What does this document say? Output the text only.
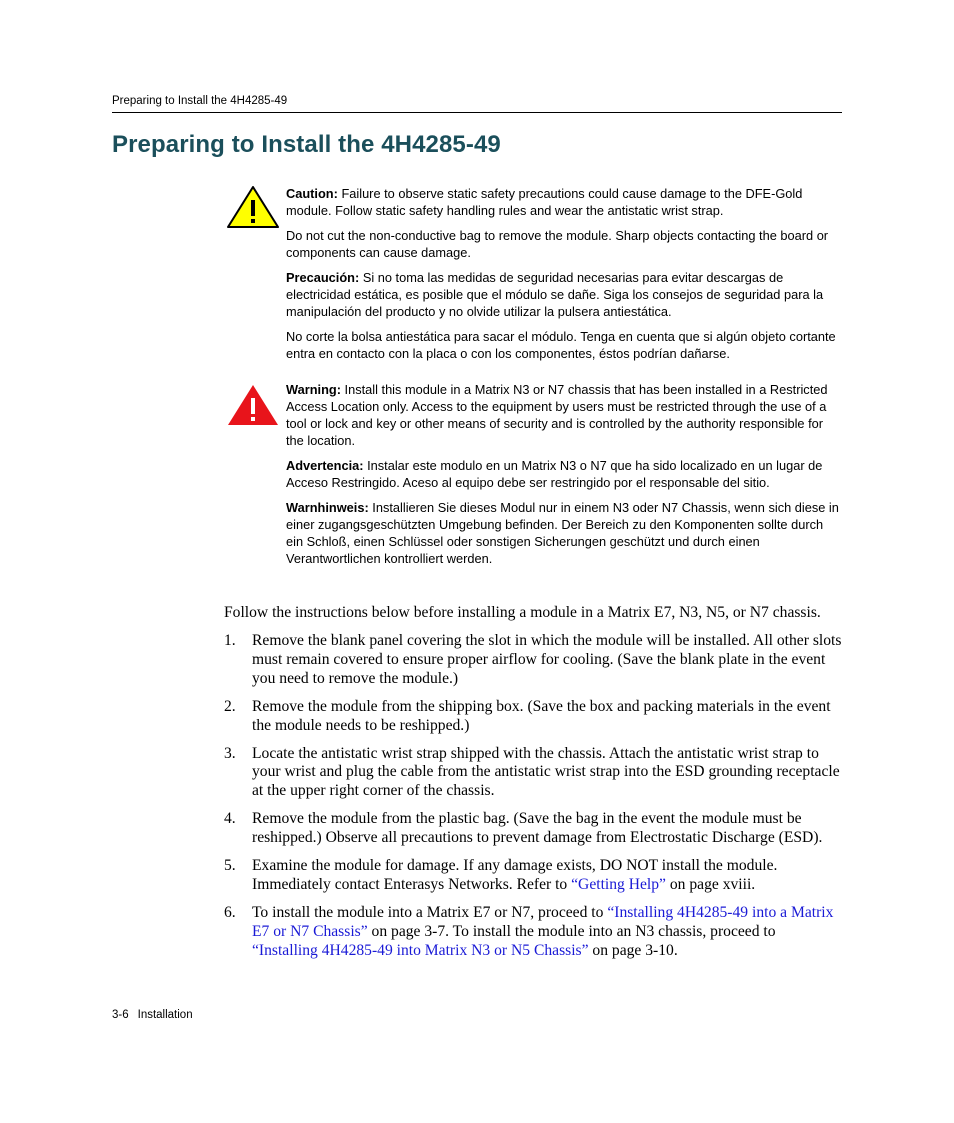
Preparing to Install the 4H4285-49
Preparing to Install the 4H4285-49

Caution: Failure to observe static safety precautions could cause damage to the DFE-Gold module. Follow static safety handling rules and wear the antistatic wrist strap.

Do not cut the non-conductive bag to remove the module. Sharp objects contacting the board or components can cause damage.

Precaución: Si no toma las medidas de seguridad necesarias para evitar descargas de electricidad estática, es posible que el módulo se dañe. Siga los consejos de seguridad para la manipulación del producto y no olvide utilizar la pulsera antiestática.

No corte la bolsa antiestática para sacar el módulo. Tenga en cuenta que si algún objeto cortante entra en contacto con la placa o con los componentes, éstos podrían dañarse.

Warning: Install this module in a Matrix N3 or N7 chassis that has been installed in a Restricted Access Location only. Access to the equipment by users must be restricted through the use of a tool or lock and key or other means of security and is controlled by the authority responsible for the location.

Advertencia: Instalar este modulo en un Matrix N3 o N7 que ha sido localizado en un lugar de Acceso Restringido. Aceso al equipo debe ser restringido por el responsable del sitio.

Warnhinweis: Installieren Sie dieses Modul nur in einem N3 oder N7 Chassis, wenn sich diese in einer zugangsgeschützten Umgebung befinden. Der Bereich zu den Komponenten sollte durch ein Schloß, einen Schlüssel oder sonstigen Sicherungen geschützt und durch einen Verantwortlichen kontrolliert werden.

Follow the instructions below before installing a module in a Matrix E7, N3, N5, or N7 chassis.

1. Remove the blank panel covering the slot in which the module will be installed. All other slots must remain covered to ensure proper airflow for cooling. (Save the blank plate in the event you need to remove the module.)
2. Remove the module from the shipping box. (Save the box and packing materials in the event the module needs to be reshipped.)
3. Locate the antistatic wrist strap shipped with the chassis. Attach the antistatic wrist strap to your wrist and plug the cable from the antistatic wrist strap into the ESD grounding receptacle at the upper right corner of the chassis.
4. Remove the module from the plastic bag. (Save the bag in the event the module must be reshipped.) Observe all precautions to prevent damage from Electrostatic Discharge (ESD).
5. Examine the module for damage. If any damage exists, DO NOT install the module. Immediately contact Enterasys Networks. Refer to “Getting Help” on page xviii.
6. To install the module into a Matrix E7 or N7, proceed to “Installing 4H4285-49 into a Matrix E7 or N7 Chassis” on page 3-7. To install the module into an N3 chassis, proceed to “Installing 4H4285-49 into Matrix N3 or N5 Chassis” on page 3-10.
3-6 Installation
